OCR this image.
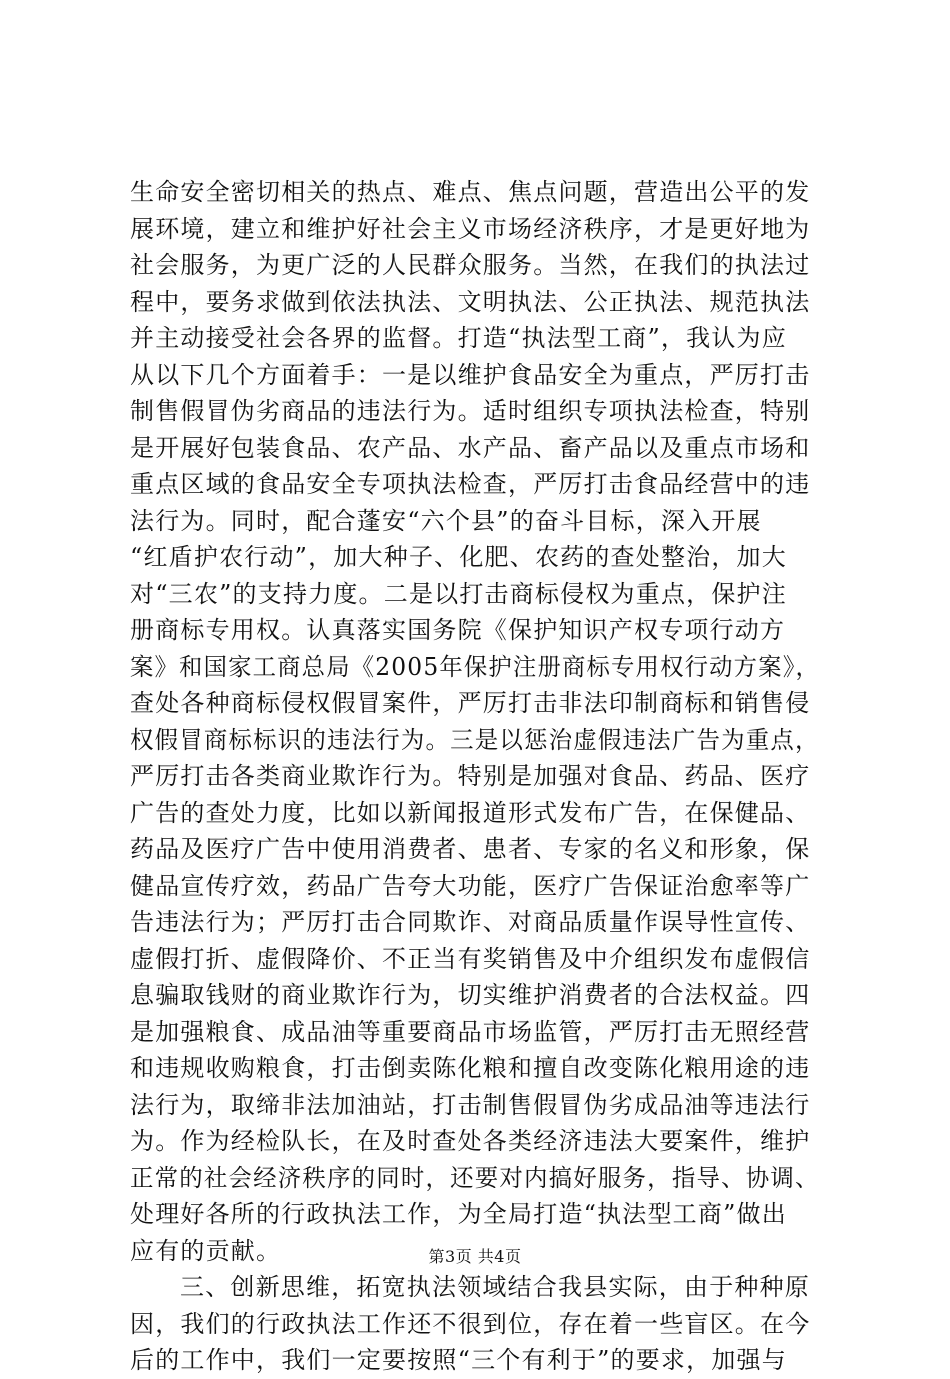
生命安全密切相关的热点、难点、焦点问题，营造出公平的发
展环境，建立和维护好社会主义市场经济秩序，才是更好地为
社会服务，为更广泛的人民群众服务。当然，在我们的执法过
程中，要务求做到依法执法、文明执法、公正执法、规范执法
并主动接受社会各界的监督。打造“执法型工商”，我认为应
从以下几个方面着手：一是以维护食品安全为重点，严厉打击
制售假冒伪劣商品的违法行为。适时组织专项执法检查，特别
是开展好包装食品、农产品、水产品、畜产品以及重点市场和
重点区域的食品安全专项执法检查，严厉打击食品经营中的违
法行为。同时，配合蓬安“六个县”的奋斗目标，深入开展
“红盾护农行动”，加大种子、化肥、农药的查处整治，加大
对“三农”的支持力度。二是以打击商标侵权为重点，保护注
册商标专用权。认真落实国务院《保护知识产权专项行动方
案》和国家工商总局《2005年保护注册商标专用权行动方案》，
查处各种商标侵权假冒案件，严厉打击非法印制商标和销售侵
权假冒商标标识的违法行为。三是以惩治虚假违法广告为重点，
严厉打击各类商业欺诈行为。特别是加强对食品、药品、医疗
广告的查处力度，比如以新闻报道形式发布广告，在保健品、
药品及医疗广告中使用消费者、患者、专家的名义和形象，保
健品宣传疗效，药品广告夸大功能，医疗广告保证治愈率等广
告违法行为；严厉打击合同欺诈、对商品质量作误导性宣传、
虚假打折、虚假降价、不正当有奖销售及中介组织发布虚假信
息骗取钱财的商业欺诈行为，切实维护消费者的合法权益。四
是加强粮食、成品油等重要商品市场监管，严厉打击无照经营
和违规收购粮食，打击倒卖陈化粮和擅自改变陈化粮用途的违
法行为，取缔非法加油站，打击制售假冒伪劣成品油等违法行
为。作为经检队长，在及时查处各类经济违法大要案件，维护
正常的社会经济秩序的同时，还要对内搞好服务，指导、协调、
处理好各所的行政执法工作，为全局打造“执法型工商”做出
应有的贡献。
三、创新思维，拓宽执法领域结合我县实际，由于种种原
因，我们的行政执法工作还不很到位，存在着一些盲区。在今
后的工作中，我们一定要按照“三个有利于”的要求，加强与
第3页 共4页
